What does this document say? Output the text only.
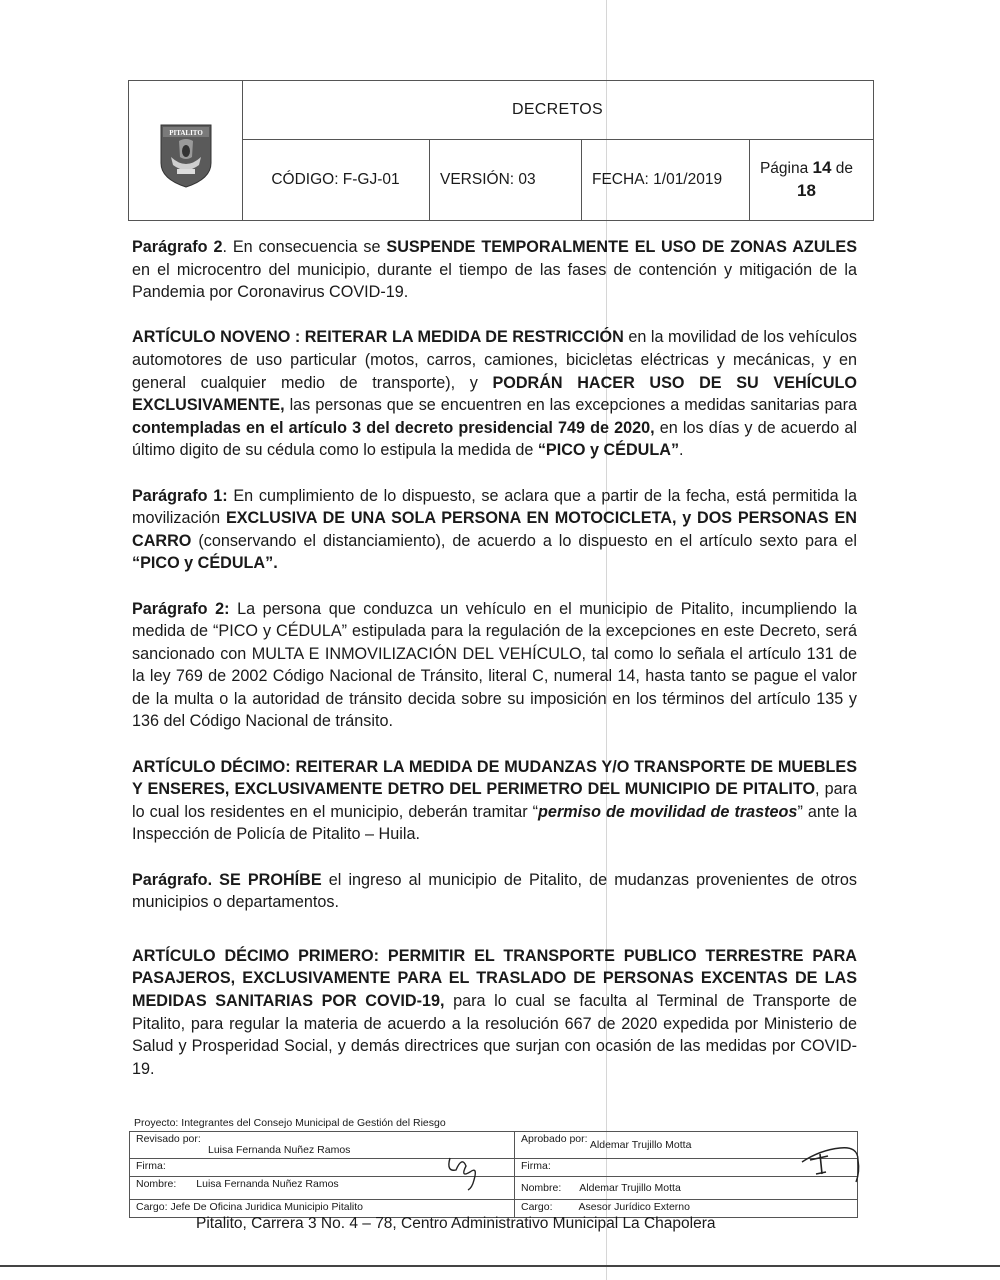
PITALITO
DECRETOS
CÓDIGO: F-GJ-01	VERSIÓN: 03	FECHA: 1/01/2019
Página 14 de
18

Parágrafo 2. En consecuencia se SUSPENDE TEMPORALMENTE EL USO DE ZONAS AZULES en el microcentro del municipio, durante el tiempo de las fases de contención y mitigación de la Pandemia por Coronavirus COVID-19.

ARTÍCULO NOVENO : REITERAR LA MEDIDA DE RESTRICCIÓN en la movilidad de los vehículos automotores de uso particular (motos, carros, camiones, bicicletas eléctricas y mecánicas, y en general cualquier medio de transporte), y PODRÁN HACER USO DE SU VEHÍCULO EXCLUSIVAMENTE, las personas que se encuentren en las excepciones a medidas sanitarias para contempladas en el artículo 3 del decreto presidencial 749 de 2020, en los días y de acuerdo al último digito de su cédula como lo estipula la medida de “PICO y CÉDULA”.

Parágrafo 1: En cumplimiento de lo dispuesto, se aclara que a partir de la fecha, está permitida la movilización EXCLUSIVA DE UNA SOLA PERSONA EN MOTOCICLETA, y DOS PERSONAS EN CARRO (conservando el distanciamiento), de acuerdo a lo dispuesto en el artículo sexto para el “PICO y CÉDULA”.

Parágrafo 2: La persona que conduzca un vehículo en el municipio de Pitalito, incumpliendo la medida de “PICO y CÉDULA” estipulada para la regulación de la excepciones en este Decreto, será sancionado con MULTA E INMOVILIZACIÓN DEL VEHÍCULO, tal como lo señala el artículo 131 de la ley 769 de 2002 Código Nacional de Tránsito, literal C, numeral 14, hasta tanto se pague el valor de la multa o la autoridad de tránsito decida sobre su imposición en los términos del artículo 135 y 136 del Código Nacional de tránsito.

ARTÍCULO DÉCIMO: REITERAR LA MEDIDA DE MUDANZAS Y/O TRANSPORTE DE MUEBLES Y ENSERES, EXCLUSIVAMENTE DETRO DEL PERIMETRO DEL MUNICIPIO DE PITALITO, para lo cual los residentes en el municipio, deberán tramitar “permiso de movilidad de trasteos” ante la Inspección de Policía de Pitalito – Huila.

Parágrafo. SE PROHÍBE el ingreso al municipio de Pitalito, de mudanzas provenientes de otros municipios o departamentos.

ARTÍCULO DÉCIMO PRIMERO: PERMITIR EL TRANSPORTE PUBLICO TERRESTRE PARA PASAJEROS, EXCLUSIVAMENTE PARA EL TRASLADO DE PERSONAS EXCENTAS DE LAS MEDIDAS SANITARIAS POR COVID-19, para lo cual se faculta al Terminal de Transporte de Pitalito, para regular la materia de acuerdo a la resolución 667 de 2020 expedida por Ministerio de Salud y Prosperidad Social, y demás directrices que surjan con ocasión de las medidas por COVID-19.

Proyecto: Integrantes del Consejo Municipal de Gestión del Riesgo
Revisado por:
Luisa Fernanda Nuñez Ramos	Aprobado por: Aldemar Trujillo Motta
Firma:	Firma:
Nombre: Luisa Fernanda Nuñez Ramos	Nombre: Aldemar Trujillo Motta
Cargo: Jefe De Oficina Juridica Municipio Pitalito	Cargo: Asesor Jurídico Externo
Pitalito, Carrera 3 No. 4 – 78, Centro Administrativo Municipal La Chapolera
